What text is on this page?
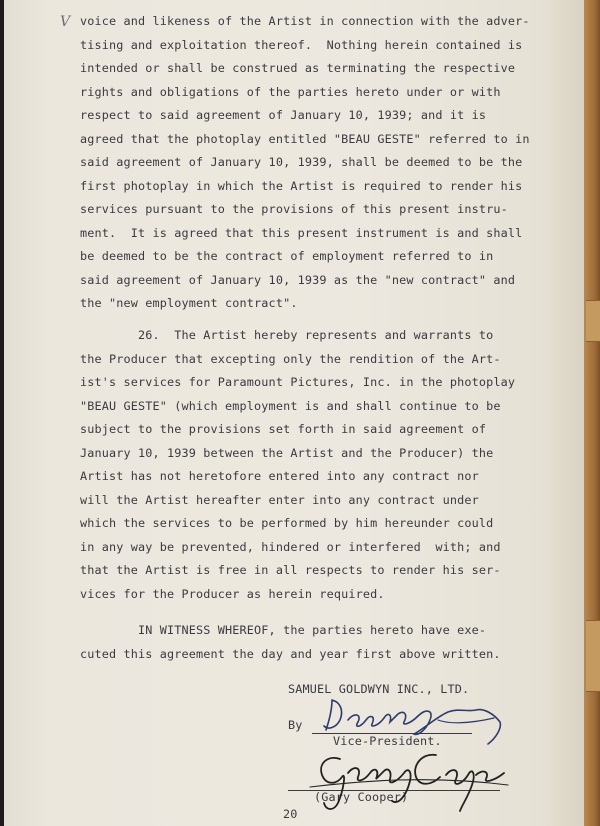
V voice and likeness of the Artist in connection with the adver-
tising and exploitation thereof.  Nothing herein contained is
intended or shall be construed as terminating the respective
rights and obligations of the parties hereto under or with
respect to said agreement of January 10, 1939; and it is
agreed that the photoplay entitled "BEAU GESTE" referred to in
said agreement of January 10, 1939, shall be deemed to be the
first photoplay in which the Artist is required to render his
services pursuant to the provisions of this present instru-
ment.  It is agreed that this present instrument is and shall
be deemed to be the contract of employment referred to in
said agreement of January 10, 1939 as the "new contract" and
the "new employment contract".
26.  The Artist hereby represents and warrants to
the Producer that excepting only the rendition of the Art-
ist's services for Paramount Pictures, Inc. in the photoplay
"BEAU GESTE" (which employment is and shall continue to be
subject to the provisions set forth in said agreement of
January 10, 1939 between the Artist and the Producer) the
Artist has not heretofore entered into any contract nor
will the Artist hereafter enter into any contract under
which the services to be performed by him hereunder could
in any way be prevented, hindered or interfered  with; and
that the Artist is free in all respects to render his ser-
vices for the Producer as herein required.
IN WITNESS WHEREOF, the parties hereto have exe-
cuted this agreement the day and year first above written.
SAMUEL GOLDWYN INC., LTD.
By
Vice-President.
(Gary Cooper)
20
